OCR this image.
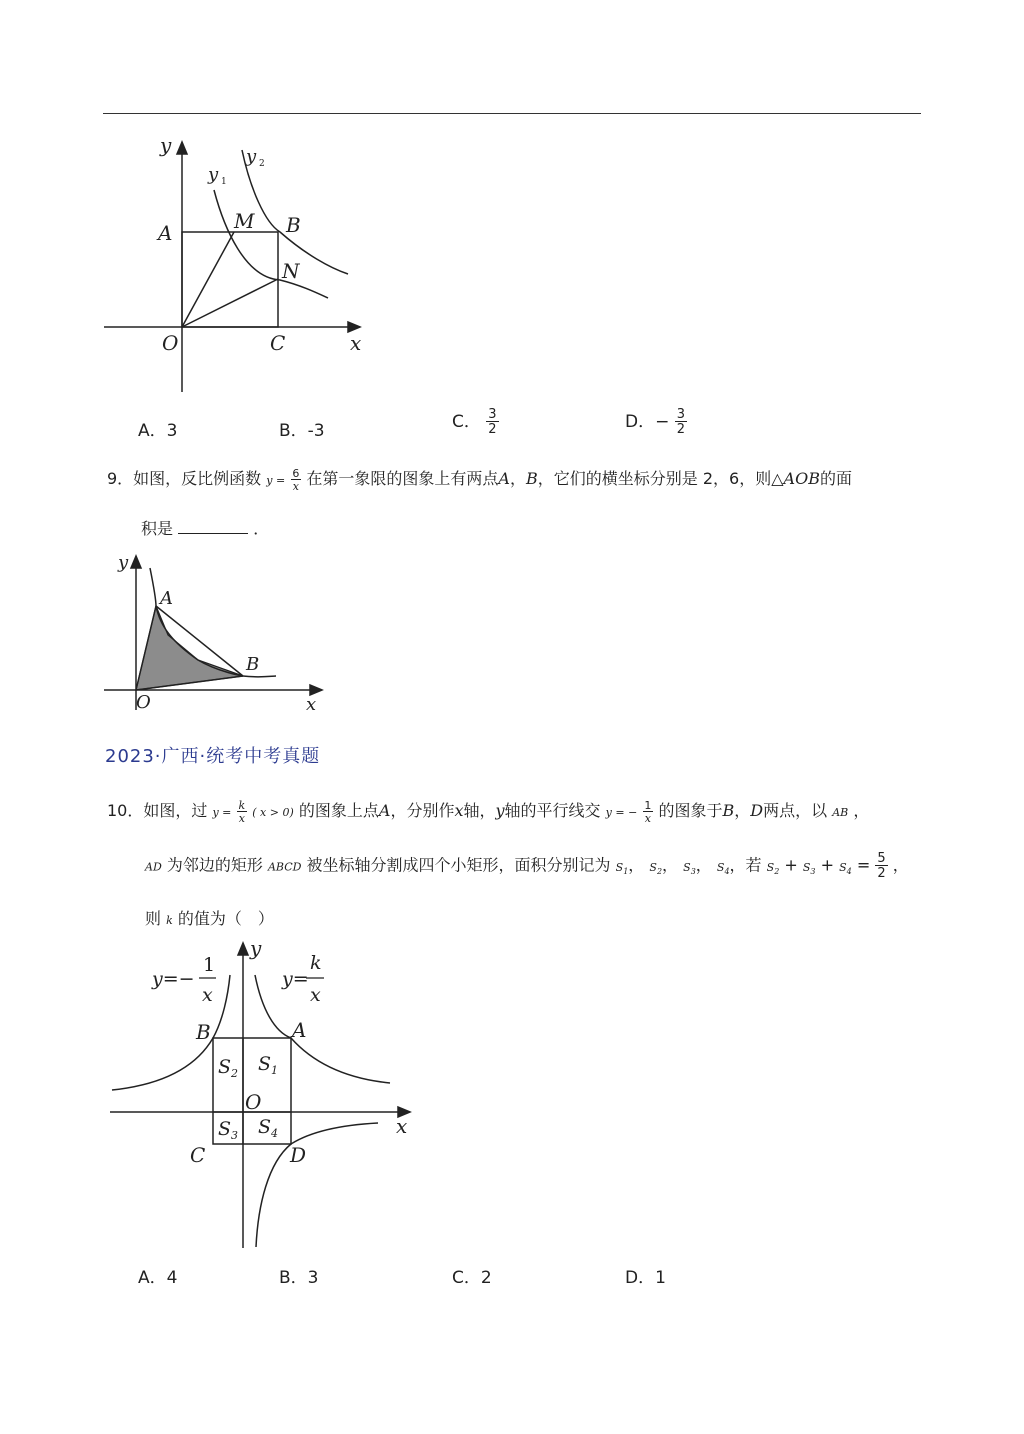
y
x
O
A	B
C
M
N
y 1
y 2
A．3	B．-3	C． $\frac{3}{2}$	D．− $\frac{3}{2}$
9．如图，反比例函数 $y = \frac{6}{x}$ 在第一象限的图象上有两点A，B，它们的横坐标分别是 2，6，则△AOB的面
积是	．
y
x
O
A
B
2023·广西·统考中考真题
10．如图，过 $y = \frac{k}{x}$ ( x > 0) 的图象上点A，分别作x轴，y轴的平行线交 y = − $\frac{1}{x}$ 的图象于B，D两点，以 AB ，
AD 为邻边的矩形 ABCD 被坐标轴分割成四个小矩形，面积分别记为 $S_1$， $S_2$， $S_3$， $S_4$，若 $S_2 + S_3 + S_4 = \frac{5}{2}$ ，
则 k 的值为（　）
y
x
O
A
B
C	D
$S_2$ $S_1$
$S_3$ $S_4$
y=−
1
x
y=
k
x
A．4	B．3	C．2	D．1
